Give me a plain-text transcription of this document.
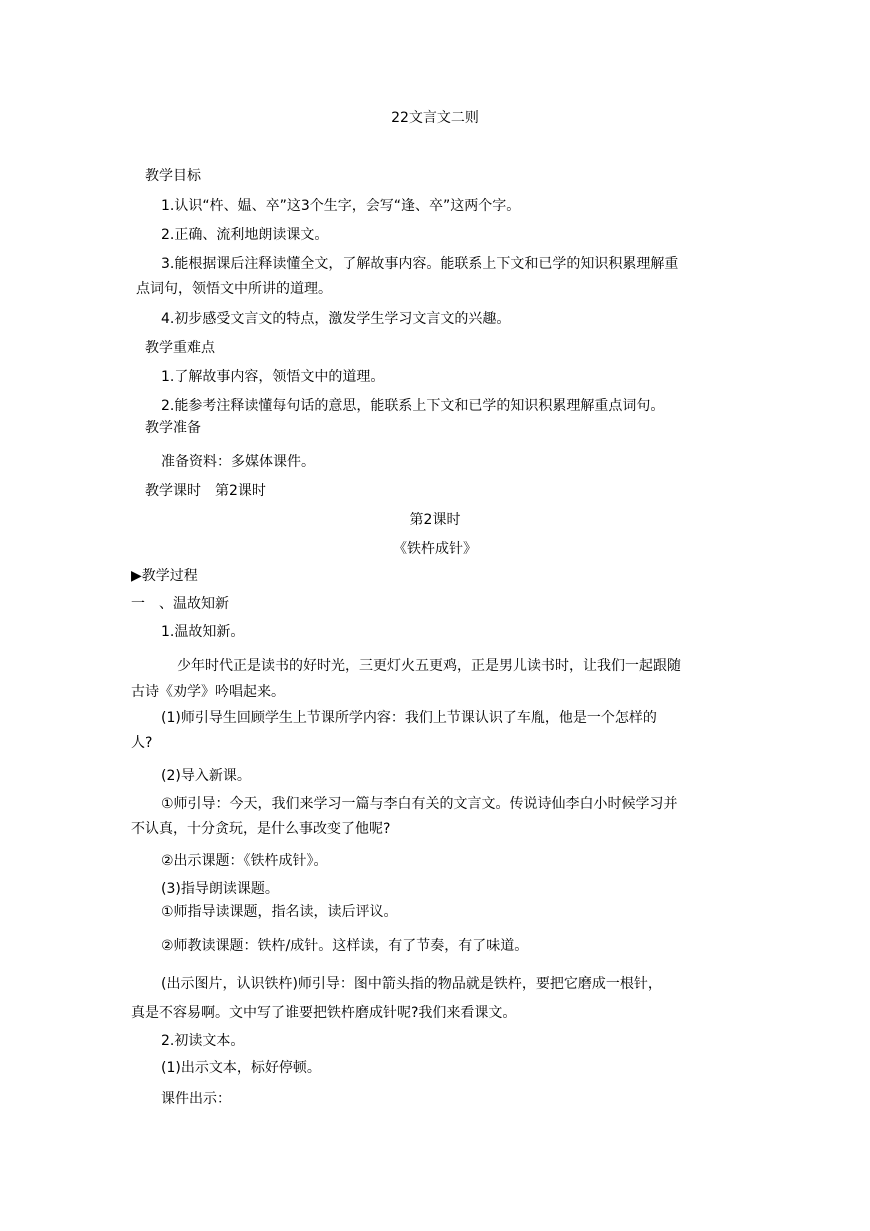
22文言文二则
教学目标
1.认识“杵、媪、卒”这3个生字，会写“逢、卒”这两个字。
2.正确、流利地朗读课文。
3.能根据课后注释读懂全文，了解故事内容。能联系上下文和已学的知识积累理解重
点词句，领悟文中所讲的道理。
4.初步感受文言文的特点，激发学生学习文言文的兴趣。
教学重难点
1.了解故事内容，领悟文中的道理。
2.能参考注释读懂每句话的意思，能联系上下文和已学的知识积累理解重点词句。
教学准备
准备资料：多媒体课件。
教学课时　第2课时
第2课时
《铁杵成针》
▶教学过程
一　、温故知新
1.温故知新。
少年时代正是读书的好时光，三更灯火五更鸡，正是男儿读书时，让我们一起跟随
古诗《劝学》吟唱起来。
(1)师引导生回顾学生上节课所学内容：我们上节课认识了车胤，他是一个怎样的
人?
(2)导入新课。
①师引导：今天，我们来学习一篇与李白有关的文言文。传说诗仙李白小时候学习并
不认真，十分贪玩，是什么事改变了他呢?
②出示课题：《铁杵成针》。
(3)指导朗读课题。
①师指导读课题，指名读，读后评议。
②师教读课题：铁杵/成针。这样读，有了节奏，有了味道。
(出示图片，认识铁杵)师引导：图中箭头指的物品就是铁杵，要把它磨成一根针，
真是不容易啊。文中写了谁要把铁杵磨成针呢?我们来看课文。
2.初读文本。
(1)出示文本，标好停顿。
课件出示：
